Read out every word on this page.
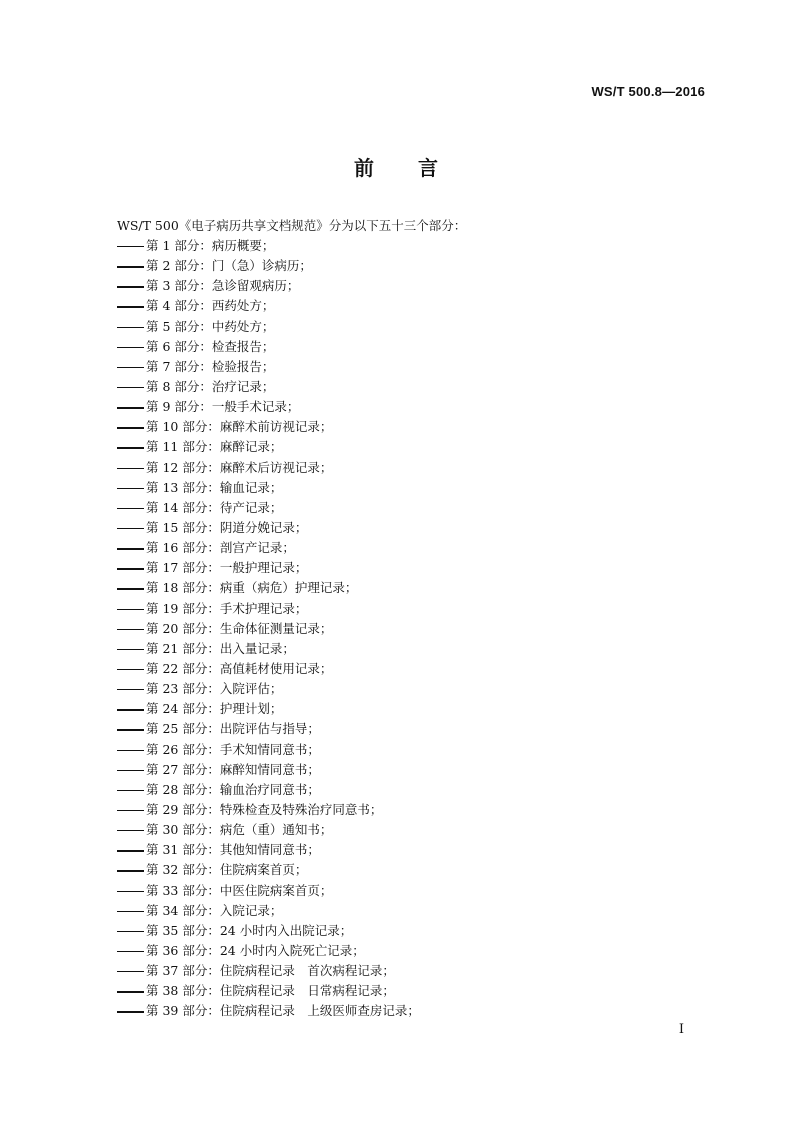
WS/T 500.8—2016
前 言
WS/T 500《电子病历共享文档规范》分为以下五十三个部分：
第 1 部分：病历概要；
第 2 部分：门（急）诊病历；
第 3 部分：急诊留观病历；
第 4 部分：西药处方；
第 5 部分：中药处方；
第 6 部分：检查报告；
第 7 部分：检验报告；
第 8 部分：治疗记录；
第 9 部分：一般手术记录；
第 10 部分：麻醉术前访视记录；
第 11 部分：麻醉记录；
第 12 部分：麻醉术后访视记录；
第 13 部分：输血记录；
第 14 部分：待产记录；
第 15 部分：阴道分娩记录；
第 16 部分：剖宫产记录；
第 17 部分：一般护理记录；
第 18 部分：病重（病危）护理记录；
第 19 部分：手术护理记录；
第 20 部分：生命体征测量记录；
第 21 部分：出入量记录；
第 22 部分：高值耗材使用记录；
第 23 部分：入院评估；
第 24 部分：护理计划；
第 25 部分：出院评估与指导；
第 26 部分：手术知情同意书；
第 27 部分：麻醉知情同意书；
第 28 部分：输血治疗同意书；
第 29 部分：特殊检查及特殊治疗同意书；
第 30 部分：病危（重）通知书；
第 31 部分：其他知情同意书；
第 32 部分：住院病案首页；
第 33 部分：中医住院病案首页；
第 34 部分：入院记录；
第 35 部分：24 小时内入出院记录；
第 36 部分：24 小时内入院死亡记录；
第 37 部分：住院病程记录　首次病程记录；
第 38 部分：住院病程记录　日常病程记录；
第 39 部分：住院病程记录　上级医师查房记录；
I
